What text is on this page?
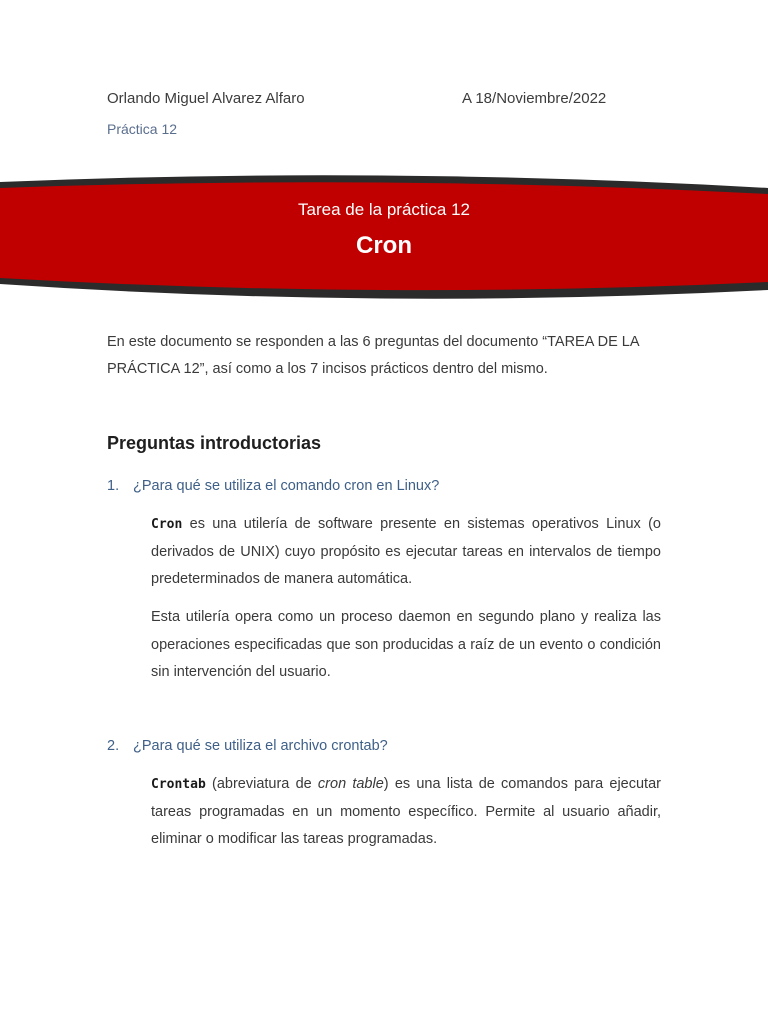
Orlando Miguel Alvarez Alfaro	A 18/Noviembre/2022
Práctica 12
Tarea de la práctica 12
Cron

En este documento se responden a las 6 preguntas del documento “TAREA DE LA PRÁCTICA 12”, así como a los 7 incisos prácticos dentro del mismo.

Preguntas introductorias
1. ¿Para qué se utiliza el comando cron en Linux?

Cron es una utilería de software presente en sistemas operativos Linux (o derivados de UNIX) cuyo propósito es ejecutar tareas en intervalos de tiempo predeterminados de manera automática.

Esta utilería opera como un proceso daemon en segundo plano y realiza las operaciones especificadas que son producidas a raíz de un evento o condición sin intervención del usuario.

2. ¿Para qué se utiliza el archivo crontab?

Crontab (abreviatura de cron table) es una lista de comandos para ejecutar tareas programadas en un momento específico. Permite al usuario añadir, eliminar o modificar las tareas programadas.
